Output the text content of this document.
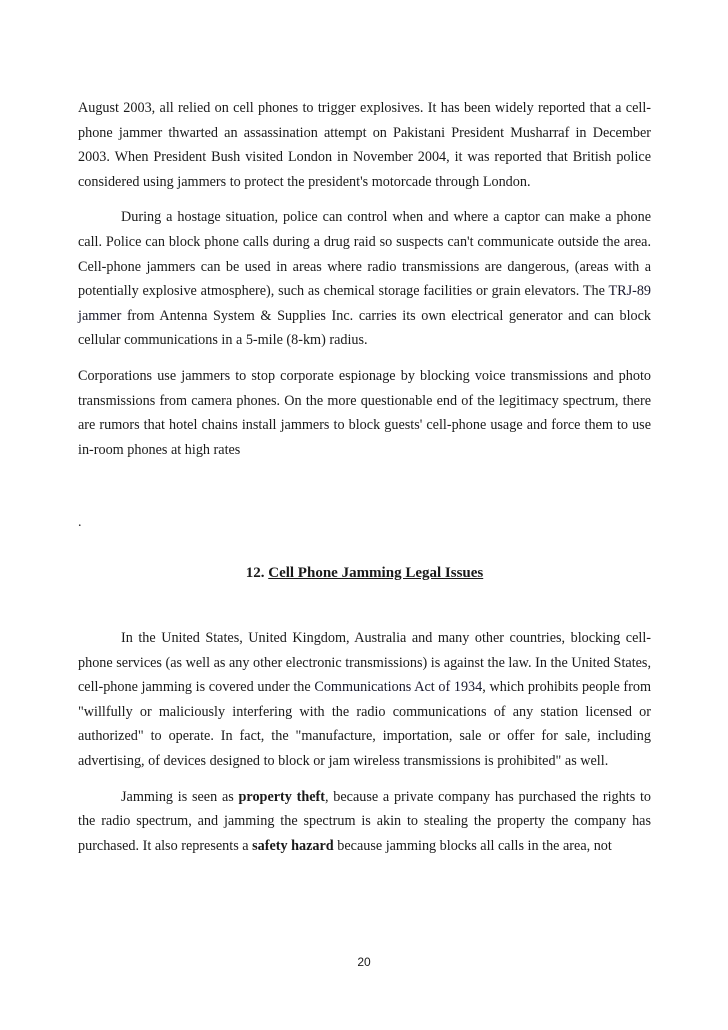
August 2003, all relied on cell phones to trigger explosives. It has been widely reported that a cell-phone jammer thwarted an assassination attempt on Pakistani President Musharraf in December 2003. When President Bush visited London in November 2004, it was reported that British police considered using jammers to protect the president's motorcade through London.

During a hostage situation, police can control when and where a captor can make a phone call. Police can block phone calls during a drug raid so suspects can't communicate outside the area. Cell-phone jammers can be used in areas where radio transmissions are dangerous, (areas with a potentially explosive atmosphere), such as chemical storage facilities or grain elevators. The TRJ-89 jammer from Antenna System & Supplies Inc. carries its own electrical generator and can block cellular communications in a 5-mile (8-km) radius.

Corporations use jammers to stop corporate espionage by blocking voice transmissions and photo transmissions from camera phones. On the more questionable end of the legitimacy spectrum, there are rumors that hotel chains install jammers to block guests' cell-phone usage and force them to use in-room phones at high rates

.
12. Cell Phone Jamming Legal Issues

In the United States, United Kingdom, Australia and many other countries, blocking cell-phone services (as well as any other electronic transmissions) is against the law. In the United States, cell-phone jamming is covered under the Communications Act of 1934, which prohibits people from "willfully or maliciously interfering with the radio communications of any station licensed or authorized" to operate. In fact, the "manufacture, importation, sale or offer for sale, including advertising, of devices designed to block or jam wireless transmissions is prohibited" as well.

Jamming is seen as property theft, because a private company has purchased the rights to the radio spectrum, and jamming the spectrum is akin to stealing the property the company has purchased. It also represents a safety hazard because jamming blocks all calls in the area, not

20
